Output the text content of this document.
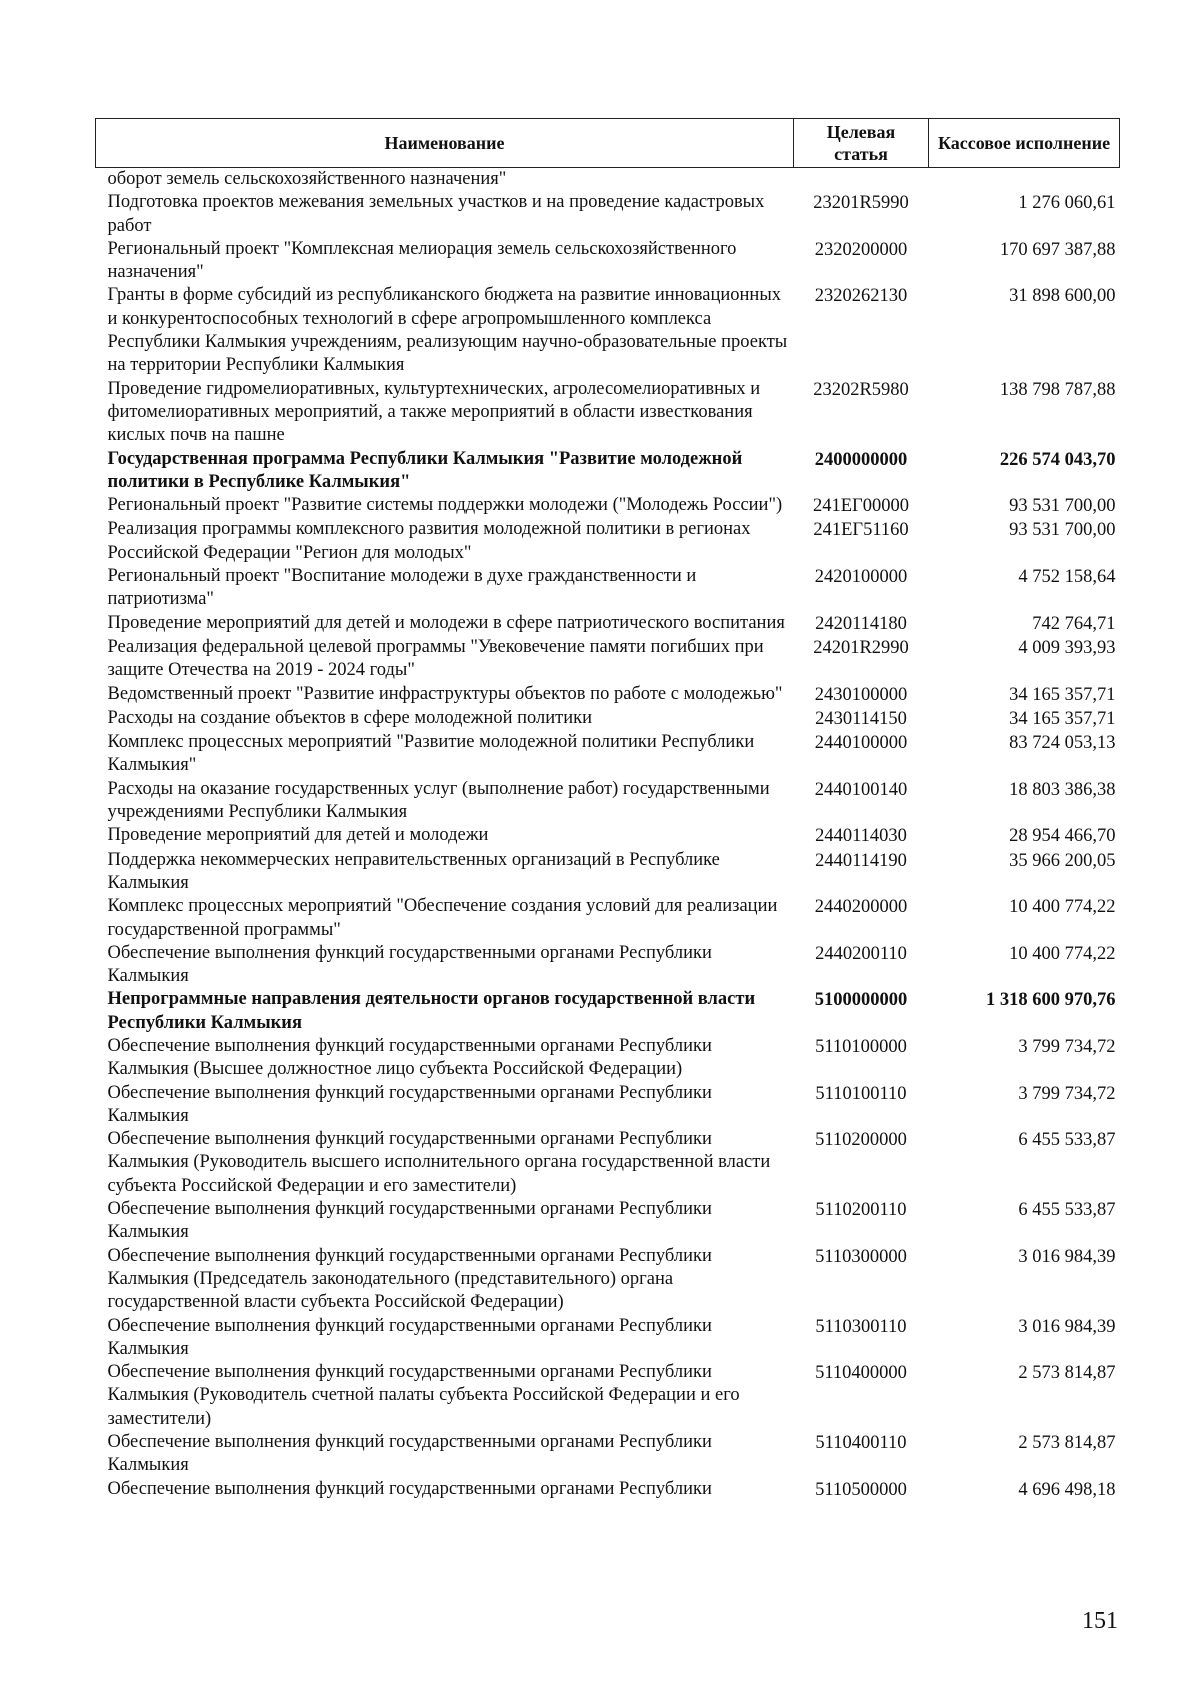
Наименование	Целевая статья	Кассовое исполнение
оборот земель сельскохозяйственного назначения"		
Подготовка проектов межевания земельных участков и на проведение кадастровых работ	23201R5990	1 276 060,61
Региональный проект "Комплексная мелиорация земель сельскохозяйственного назначения"	2320200000	170 697 387,88
Гранты в форме субсидий из республиканского бюджета на развитие инновационных и конкурентоспособных технологий в сфере агропромышленного комплекса Республики Калмыкия учреждениям, реализующим научно-образовательные проекты на территории Республики Калмыкия	2320262130	31 898 600,00
Проведение гидромелиоративных, культуртехнических, агролесомелиоративных и фитомелиоративных мероприятий, а также мероприятий в области известкования кислых почв на пашне	23202R5980	138 798 787,88
Государственная программа Республики Калмыкия "Развитие молодежной политики в Республике Калмыкия"	2400000000	226 574 043,70
Региональный проект "Развитие системы поддержки молодежи ("Молодежь России")	241ЕГ00000	93 531 700,00
Реализация программы комплексного развития молодежной политики в регионах Российской Федерации "Регион для молодых"	241ЕГ51160	93 531 700,00
Региональный проект "Воспитание молодежи в духе гражданственности и патриотизма"	2420100000	4 752 158,64
Проведение мероприятий для детей и молодежи в сфере патриотического воспитания	2420114180	742 764,71
Реализация федеральной целевой программы "Увековечение памяти погибших при защите Отечества на 2019 - 2024 годы"	24201R2990	4 009 393,93
Ведомственный проект "Развитие инфраструктуры объектов по работе с молодежью"	2430100000	34 165 357,71
Расходы на создание объектов в сфере молодежной политики	2430114150	34 165 357,71
Комплекс процессных мероприятий "Развитие молодежной политики Республики Калмыкия"	2440100000	83 724 053,13
Расходы на оказание государственных услуг (выполнение работ) государственными учреждениями Республики Калмыкия	2440100140	18 803 386,38
Проведение мероприятий для детей и молодежи	2440114030	28 954 466,70
Поддержка некоммерческих неправительственных организаций в Республике Калмыкия	2440114190	35 966 200,05
Комплекс процессных мероприятий "Обеспечение создания условий для реализации государственной программы"	2440200000	10 400 774,22
Обеспечение выполнения функций государственными органами Республики Калмыкия	2440200110	10 400 774,22
Непрограммные направления деятельности органов государственной власти Республики Калмыкия	5100000000	1 318 600 970,76
Обеспечение выполнения функций государственными органами Республики Калмыкия (Высшее должностное лицо субъекта Российской Федерации)	5110100000	3 799 734,72
Обеспечение выполнения функций государственными органами Республики Калмыкия	5110100110	3 799 734,72
Обеспечение выполнения функций государственными органами Республики Калмыкия (Руководитель высшего исполнительного органа государственной власти субъекта Российской Федерации и его заместители)	5110200000	6 455 533,87
Обеспечение выполнения функций государственными органами Республики Калмыкия	5110200110	6 455 533,87
Обеспечение выполнения функций государственными органами Республики Калмыкия (Председатель законодательного (представительного) органа государственной власти субъекта Российской Федерации)	5110300000	3 016 984,39
Обеспечение выполнения функций государственными органами Республики Калмыкия	5110300110	3 016 984,39
Обеспечение выполнения функций государственными органами Республики Калмыкия (Руководитель счетной палаты субъекта Российской Федерации и его заместители)	5110400000	2 573 814,87
Обеспечение выполнения функций государственными органами Республики Калмыкия	5110400110	2 573 814,87
Обеспечение выполнения функций государственными органами Республики	5110500000	4 696 498,18
151
